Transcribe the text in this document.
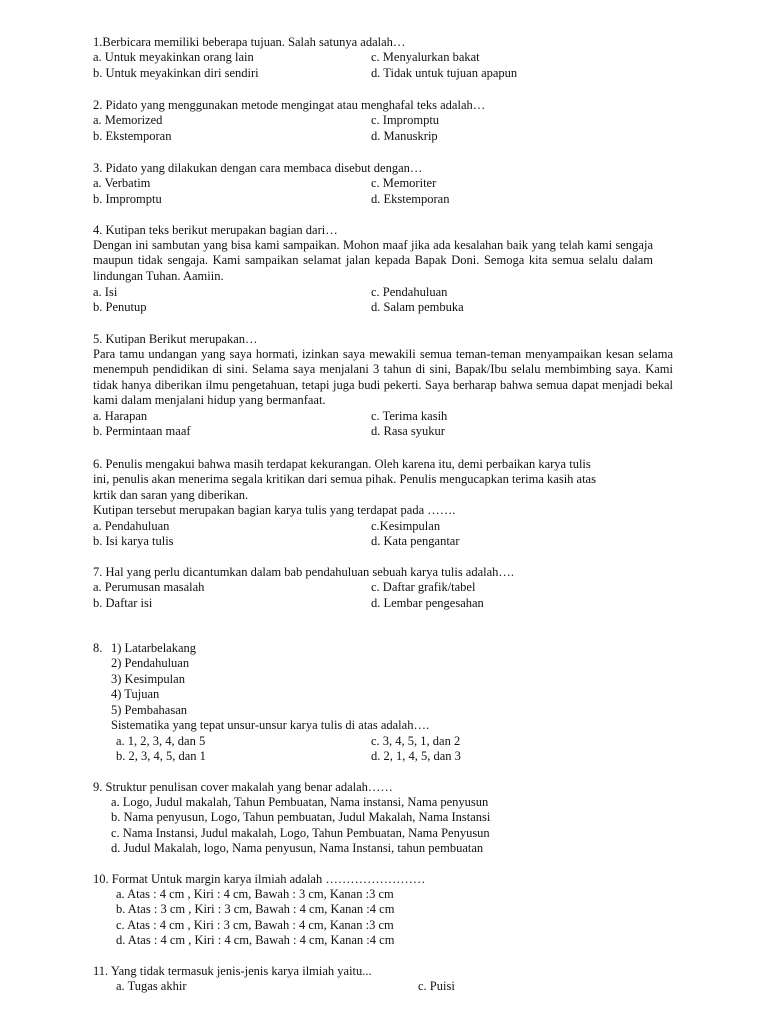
1.Berbicara memiliki beberapa tujuan. Salah satunya adalah…
a. Untuk meyakinkan orang lain	c. Menyalurkan bakat
b. Untuk meyakinkan diri sendiri	d. Tidak untuk tujuan apapun
2. Pidato yang menggunakan metode mengingat atau menghafal teks adalah…
a. Memorized	c. Impromptu
b. Ekstemporan	d. Manuskrip
3. Pidato yang dilakukan dengan cara membaca disebut dengan…
a. Verbatim	c. Memoriter
b. Impromptu	d. Ekstemporan
4. Kutipan teks berikut merupakan bagian dari…

Dengan ini sambutan yang bisa kami sampaikan. Mohon maaf jika ada kesalahan baik yang telah kami sengaja maupun tidak sengaja. Kami sampaikan selamat jalan kepada Bapak Doni. Semoga kita semua selalu dalam lindungan Tuhan. Aamiin.

a. Isi	c. Pendahuluan
b. Penutup	d. Salam pembuka
5. Kutipan Berikut merupakan…

Para tamu undangan yang saya hormati, izinkan saya mewakili semua teman-teman menyampaikan kesan selama menempuh pendidikan di sini. Selama saya menjalani 3 tahun di sini, Bapak/Ibu selalu membimbing saya. Kami tidak hanya diberikan ilmu pengetahuan, tetapi juga budi pekerti. Saya berharap bahwa semua dapat menjadi bekal kami dalam menjalani hidup yang bermanfaat.

a. Harapan	c. Terima kasih
b. Permintaan maaf	d. Rasa syukur
6. Penulis mengakui bahwa masih terdapat kekurangan. Oleh karena itu, demi perbaikan karya tulis
ini, penulis akan menerima segala kritikan dari semua pihak. Penulis mengucapkan terima kasih atas
krtik dan saran yang diberikan.
Kutipan tersebut merupakan bagian karya tulis yang terdapat pada …….
a. Pendahuluan	c.Kesimpulan
b. Isi karya tulis	d. Kata pengantar
7. Hal yang perlu dicantumkan dalam bab pendahuluan sebuah karya tulis adalah….
a. Perumusan masalah	c. Daftar grafik/tabel
b. Daftar isi	d. Lembar pengesahan
8. 1) Latarbelakang
2) Pendahuluan
3) Kesimpulan
4) Tujuan
5) Pembahasan
Sistematika yang tepat unsur-unsur karya tulis di atas adalah….
a. 1, 2, 3, 4, dan 5	c. 3, 4, 5, 1, dan 2
b. 2, 3, 4, 5, dan 1	d. 2, 1, 4, 5, dan 3
9. Struktur penulisan cover makalah yang benar adalah……
a. Logo, Judul makalah, Tahun Pembuatan, Nama instansi, Nama penyusun
b. Nama penyusun, Logo, Tahun pembuatan, Judul Makalah, Nama Instansi
c. Nama Instansi, Judul makalah, Logo, Tahun Pembuatan, Nama Penyusun
d. Judul Makalah, logo, Nama penyusun, Nama Instansi, tahun pembuatan
10. Format Untuk margin karya ilmiah adalah ……………………
a. Atas : 4 cm , Kiri : 4 cm, Bawah : 3 cm, Kanan :3 cm
b. Atas : 3 cm , Kiri : 3 cm, Bawah : 4 cm, Kanan :4 cm
c. Atas : 4 cm , Kiri : 3 cm, Bawah : 4 cm, Kanan :3 cm
d. Atas : 4 cm , Kiri : 4 cm, Bawah : 4 cm, Kanan :4 cm
11. Yang tidak termasuk jenis-jenis karya ilmiah yaitu...
a. Tugas akhir	c. Puisi
